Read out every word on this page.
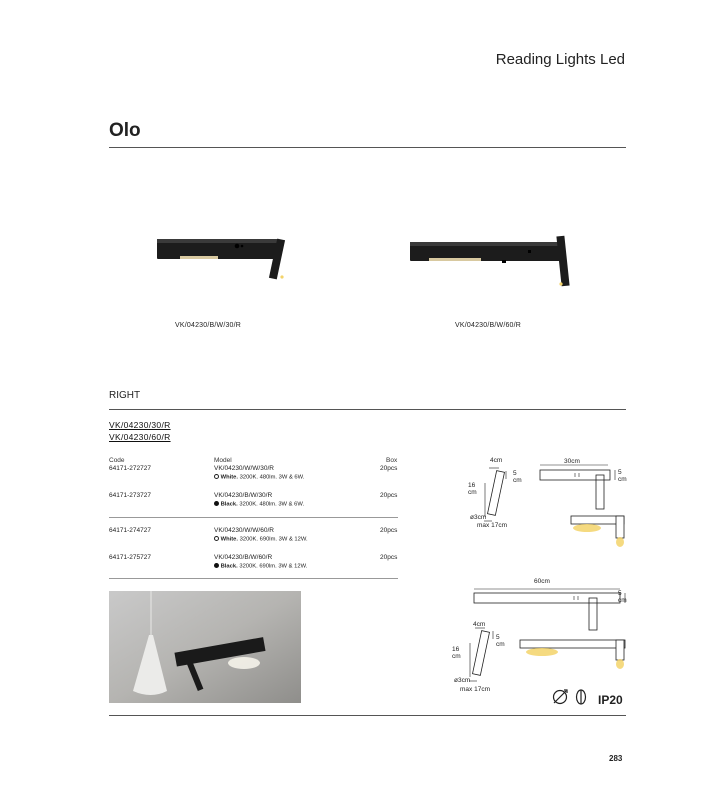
Reading Lights Led
Olo
VK/04230/B/W/30/R	VK/04230/B/W/60/R
RIGHT
VK/04230/30/R
VK/04230/60/R
Code	Model	Box
64171-272727	VK/04230/W/W/30/R	20pcs
White. 3200K. 480lm. 3W & 6W.
64171-273727	VK/04230/B/W/30/R	20pcs
Black. 3200K. 480lm. 3W & 6W.
64171-274727	VK/04230/W/W/60/R	20pcs
White. 3200K. 690lm. 3W & 12W.
64171-275727	VK/04230/B/W/60/R	20pcs
Black. 3200K. 690lm. 3W & 12W.
4cm
5
cm
16
cm
ø3cm
max 17cm
30cm
5
cm
60cm
5
cm
4cm
5
cm
16
cm
ø3cm
max 17cm
IP20
283
